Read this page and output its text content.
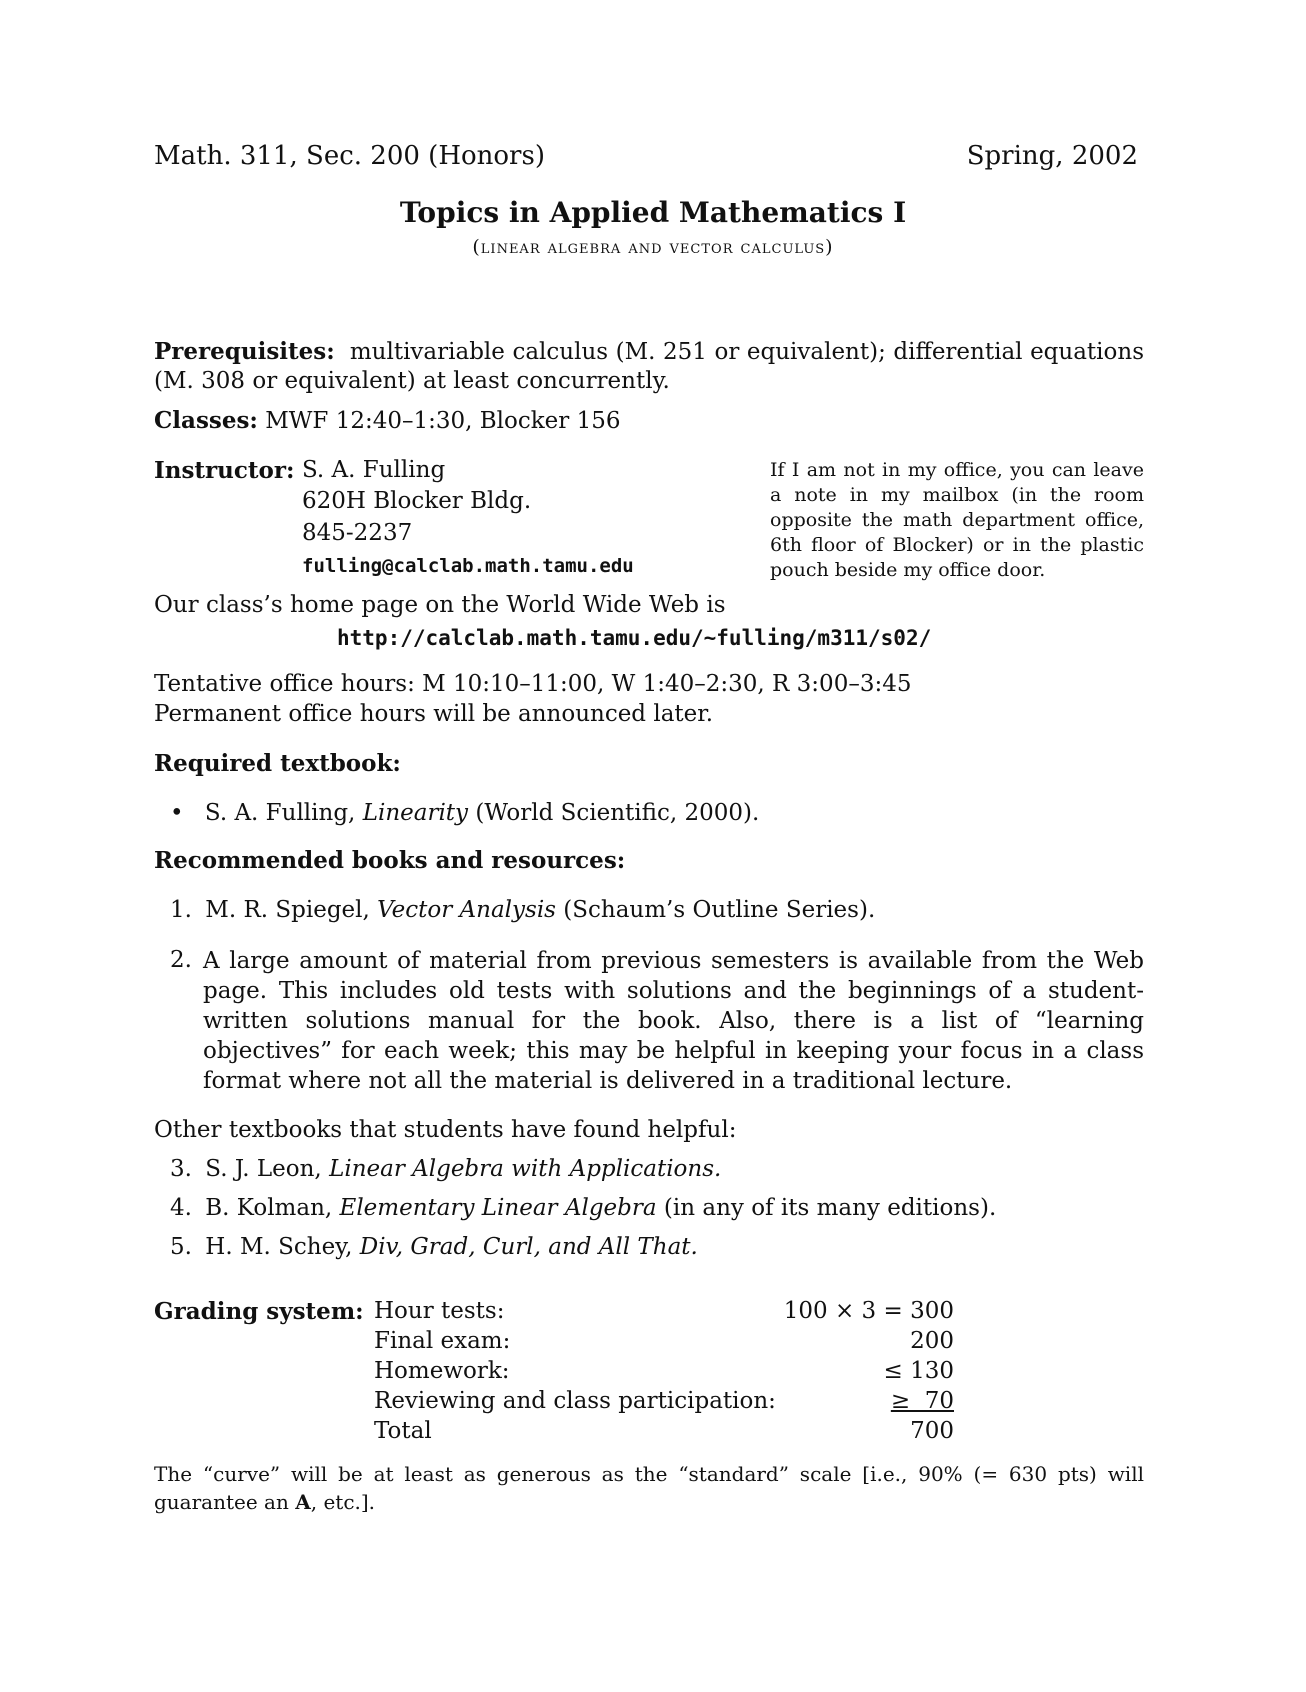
Math. 311, Sec. 200 (Honors)	Spring, 2002
Topics in Applied Mathematics I
(linear algebra and vector calculus)
Prerequisites: multivariable calculus (M. 251 or equivalent); differential equations (M. 308 or equivalent) at least concurrently.
Classes: MWF 12:40–1:30, Blocker 156
Instructor: S. A. Fulling
620H Blocker Bldg.
845-2237
fulling@calclab.math.tamu.edu
If I am not in my office, you can leave a note in my mailbox (in the room opposite the math department office, 6th floor of Blocker) or in the plastic pouch beside my office door.
Our class’s home page on the World Wide Web is
http://calclab.math.tamu.edu/~fulling/m311/s02/
Tentative office hours: M 10:10–11:00, W 1:40–2:30, R 3:00–3:45
Permanent office hours will be announced later.
Required textbook:
• S. A. Fulling, Linearity (World Scientific, 2000).
Recommended books and resources:
1. M. R. Spiegel, Vector Analysis (Schaum’s Outline Series).
2. A large amount of material from previous semesters is available from the Web page. This includes old tests with solutions and the beginnings of a student-written solutions manual for the book. Also, there is a list of “learning objectives” for each week; this may be helpful in keeping your focus in a class format where not all the material is delivered in a traditional lecture.
Other textbooks that students have found helpful:
3. S. J. Leon, Linear Algebra with Applications.
4. B. Kolman, Elementary Linear Algebra (in any of its many editions).
5. H. M. Schey, Div, Grad, Curl, and All That.
Grading system: Hour tests:	100 × 3 = 300
Final exam:	200
Homework:	≤ 130
Reviewing and class participation:	≥  70
Total	700
The “curve” will be at least as generous as the “standard” scale [i.e., 90% (= 630 pts) will guarantee an A, etc.].
